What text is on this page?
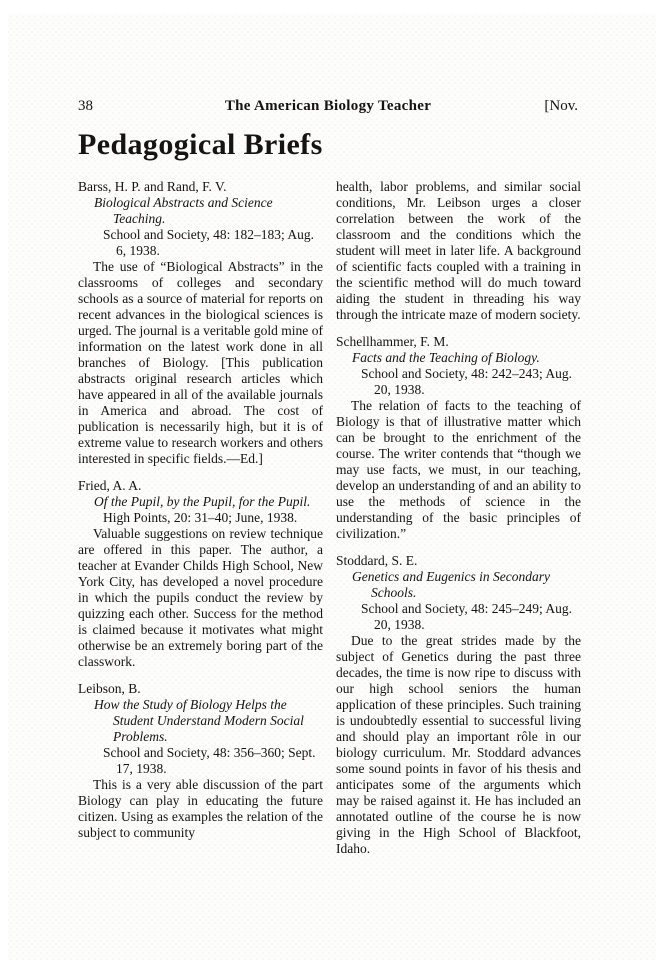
38	The American Biology Teacher	[Nov.
Pedagogical Briefs

Barss, H. P. and Rand, F. V.

Biological Abstracts and Science Teaching.

School and Society, 48: 182–183; Aug. 6, 1938.

The use of “Biological Abstracts” in the classrooms of colleges and secondary schools as a source of material for reports on recent advances in the biological sciences is urged. The journal is a veritable gold mine of information on the latest work done in all branches of Biology. [This publication abstracts original research articles which have appeared in all of the available journals in America and abroad. The cost of publication is necessarily high, but it is of extreme value to research workers and others interested in specific fields.—Ed.]

Fried, A. A.

Of the Pupil, by the Pupil, for the Pupil.

High Points, 20: 31–40; June, 1938.

Valuable suggestions on review technique are offered in this paper. The author, a teacher at Evander Childs High School, New York City, has developed a novel procedure in which the pupils conduct the review by quizzing each other. Success for the method is claimed because it motivates what might otherwise be an extremely boring part of the classwork.

Leibson, B.

How the Study of Biology Helps the Student Understand Modern Social Problems.

School and Society, 48: 356–360; Sept. 17, 1938.

This is a very able discussion of the part Biology can play in educating the future citizen. Using as examples the relation of the subject to community

health, labor problems, and similar social conditions, Mr. Leibson urges a closer correlation between the work of the classroom and the conditions which the student will meet in later life. A background of scientific facts coupled with a training in the scientific method will do much toward aiding the student in threading his way through the intricate maze of modern society.

Schellhammer, F. M.

Facts and the Teaching of Biology.

School and Society, 48: 242–243; Aug. 20, 1938.

The relation of facts to the teaching of Biology is that of illustrative matter which can be brought to the enrichment of the course. The writer contends that “though we may use facts, we must, in our teaching, develop an understanding of and an ability to use the methods of science in the understanding of the basic principles of civilization.”

Stoddard, S. E.

Genetics and Eugenics in Secondary Schools.

School and Society, 48: 245–249; Aug. 20, 1938.

Due to the great strides made by the subject of Genetics during the past three decades, the time is now ripe to discuss with our high school seniors the human application of these principles. Such training is undoubtedly essential to successful living and should play an important rôle in our biology curriculum. Mr. Stoddard advances some sound points in favor of his thesis and anticipates some of the arguments which may be raised against it. He has included an annotated outline of the course he is now giving in the High School of Blackfoot, Idaho.
